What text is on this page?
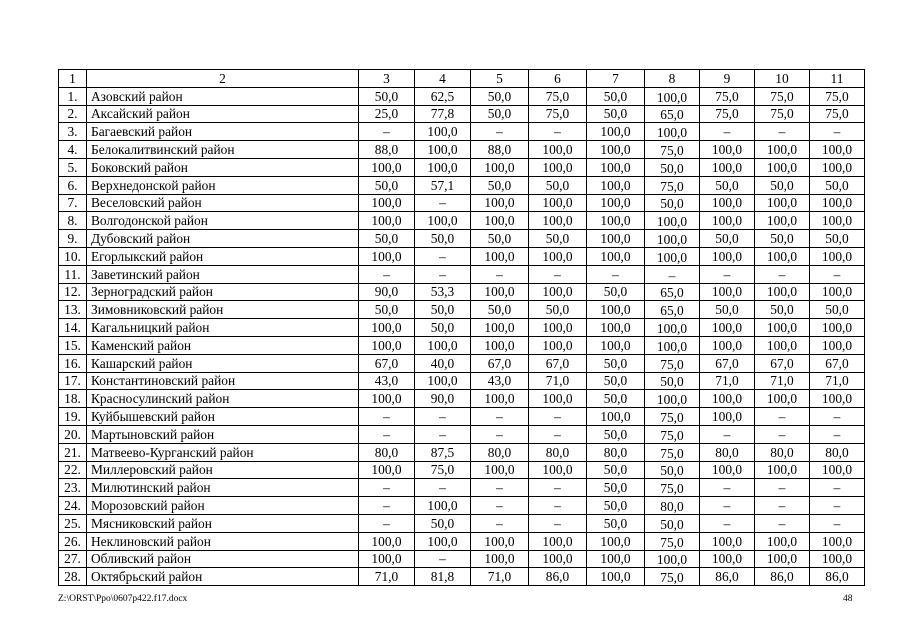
1	2	3	4	5	6	7	8	9	10	11
1.	Азовский район	50,0	62,5	50,0	75,0	50,0	100,0	75,0	75,0	75,0
2.	Аксайский район	25,0	77,8	50,0	75,0	50,0	65,0	75,0	75,0	75,0
3.	Багаевский район	–	100,0	–	–	100,0	100,0	–	–	–
4.	Белокалитвинский район	88,0	100,0	88,0	100,0	100,0	75,0	100,0	100,0	100,0
5.	Боковский район	100,0	100,0	100,0	100,0	100,0	50,0	100,0	100,0	100,0
6.	Верхнедонской район	50,0	57,1	50,0	50,0	100,0	75,0	50,0	50,0	50,0
7.	Веселовский район	100,0	–	100,0	100,0	100,0	50,0	100,0	100,0	100,0
8.	Волгодонской район	100,0	100,0	100,0	100,0	100,0	100,0	100,0	100,0	100,0
9.	Дубовский район	50,0	50,0	50,0	50,0	100,0	100,0	50,0	50,0	50,0
10.	Егорлыкский район	100,0	–	100,0	100,0	100,0	100,0	100,0	100,0	100,0
11.	Заветинский район	–	–	–	–	–	–	–	–	–
12.	Зерноградский район	90,0	53,3	100,0	100,0	50,0	65,0	100,0	100,0	100,0
13.	Зимовниковский район	50,0	50,0	50,0	50,0	100,0	65,0	50,0	50,0	50,0
14.	Кагальницкий район	100,0	50,0	100,0	100,0	100,0	100,0	100,0	100,0	100,0
15.	Каменский район	100,0	100,0	100,0	100,0	100,0	100,0	100,0	100,0	100,0
16.	Кашарский район	67,0	40,0	67,0	67,0	50,0	75,0	67,0	67,0	67,0
17.	Константиновский район	43,0	100,0	43,0	71,0	50,0	50,0	71,0	71,0	71,0
18.	Красносулинский район	100,0	90,0	100,0	100,0	50,0	100,0	100,0	100,0	100,0
19.	Куйбышевский район	–	–	–	–	100,0	75,0	100,0	–	–
20.	Мартыновский район	–	–	–	–	50,0	75,0	–	–	–
21.	Матвеево-Курганский район	80,0	87,5	80,0	80,0	80,0	75,0	80,0	80,0	80,0
22.	Миллеровский район	100,0	75,0	100,0	100,0	50,0	50,0	100,0	100,0	100,0
23.	Милютинский район	–	–	–	–	50,0	75,0	–	–	–
24.	Морозовский район	–	100,0	–	–	50,0	80,0	–	–	–
25.	Мясниковский район	–	50,0	–	–	50,0	50,0	–	–	–
26.	Неклиновский район	100,0	100,0	100,0	100,0	100,0	75,0	100,0	100,0	100,0
27.	Обливский район	100,0	–	100,0	100,0	100,0	100,0	100,0	100,0	100,0
28.	Октябрьский район	71,0	81,8	71,0	86,0	100,0	75,0	86,0	86,0	86,0
Z:\ORST\Ppo\0607p422.f17.docx	48
